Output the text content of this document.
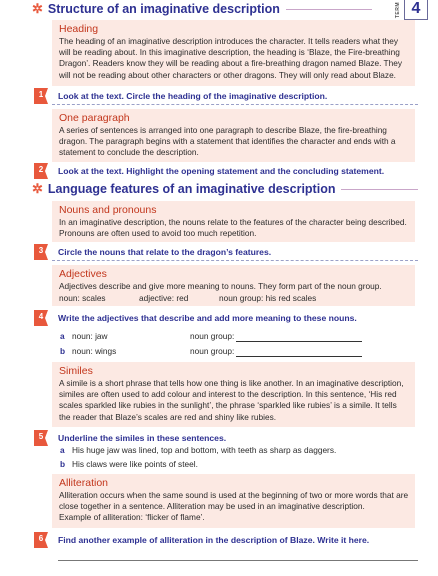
TERM 4
✲ Structure of an imaginative description
Heading

The heading of an imaginative description introduces the character. It tells readers what they will be reading about. In this imaginative description, the heading is ‘Blaze, the Fire-breathing Dragon’. Readers know they will be reading about a fire-breathing dragon named Blaze. They will not be reading about other characters or other dragons. They will only read about Blaze.

1	Look at the text. Circle the heading of the imaginative description.
One paragraph

A series of sentences is arranged into one paragraph to describe Blaze, the fire-breathing dragon. The paragraph begins with a statement that identifies the character and ends with a statement to conclude the description.

2	Look at the text. Highlight the opening statement and the concluding statement.
✲ Language features of an imaginative description
Nouns and pronouns

In an imaginative description, the nouns relate to the features of the character being described. Pronouns are often used to avoid too much repetition.

3	Circle the nouns that relate to the dragon’s features.
Adjectives

Adjectives describe and give more meaning to nouns. They form part of the noun group.

noun: scales	adjective: red	noun group: his red scales
4	Write the adjectives that describe and add more meaning to these nouns.
a noun: jaw	noun group:
b noun: wings	noun group:
Similes

A simile is a short phrase that tells how one thing is like another. In an imaginative description, similes are often used to add colour and interest to the description. In this sentence, ‘His red scales sparkled like rubies in the sunlight’, the phrase ‘sparkled like rubies’ is a simile. It tells the reader that Blaze’s scales are red and shiny like rubies.

5	Underline the similes in these sentences.
a His huge jaw was lined, top and bottom, with teeth as sharp as daggers.
b His claws were like points of steel.
Alliteration

Alliteration occurs when the same sound is used at the beginning of two or more words that are close together in a sentence. Alliteration may be used in an imaginative description.

Example of alliteration: ‘flicker of flame’.

6	Find another example of alliteration in the description of Blaze. Write it here.
